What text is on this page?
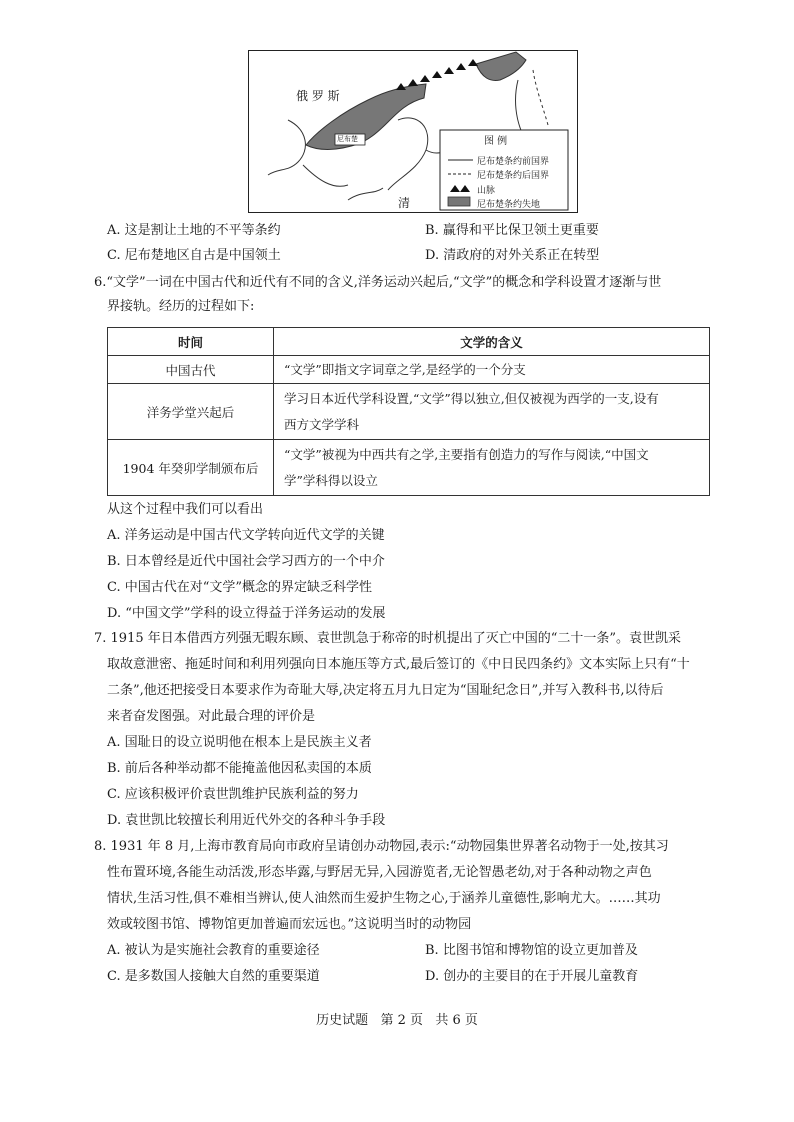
俄 罗 斯
清
尼布楚	图 例
尼布楚条约前国界
尼布楚条约后国界
山脉
尼布楚条约失地
A. 这是割让土地的不平等条约	B. 赢得和平比保卫领土更重要
C. 尼布楚地区自古是中国领土	D. 清政府的对外关系正在转型
6.“文学”一词在中国古代和近代有不同的含义,洋务运动兴起后,“文学”的概念和学科设置才逐渐与世
界接轨。经历的过程如下:
时间	文学的含义
中国古代	“文学”即指文字词章之学,是经学的一个分支

洋务学堂兴起后	学习日本近代学科设置,“文学”得以独立,但仅被视为西学的一支,设有
西方文学学科

1904 年癸卯学制颁布后	“文学”被视为中西共有之学,主要指有创造力的写作与阅读,“中国文
学”学科得以设立
从这个过程中我们可以看出
A. 洋务运动是中国古代文学转向近代文学的关键
B. 日本曾经是近代中国社会学习西方的一个中介
C. 中国古代在对“文学”概念的界定缺乏科学性
D. “中国文学”学科的设立得益于洋务运动的发展
7. 1915 年日本借西方列强无暇东顾、袁世凯急于称帝的时机提出了灭亡中国的“二十一条”。袁世凯采
取故意泄密、拖延时间和利用列强向日本施压等方式,最后签订的《中日民四条约》文本实际上只有“十
二条”,他还把接受日本要求作为奇耻大辱,决定将五月九日定为“国耻纪念日”,并写入教科书,以待后
来者奋发图强。对此最合理的评价是
A. 国耻日的设立说明他在根本上是民族主义者
B. 前后各种举动都不能掩盖他因私卖国的本质
C. 应该积极评价袁世凯维护民族利益的努力
D. 袁世凯比较擅长利用近代外交的各种斗争手段
8. 1931 年 8 月,上海市教育局向市政府呈请创办动物园,表示:“动物园集世界著名动物于一处,按其习
性布置环境,各能生动活泼,形态毕露,与野居无异,入园游览者,无论智愚老幼,对于各种动物之声色
情状,生活习性,俱不难相当辨认,使人油然而生爱护生物之心,于涵养儿童德性,影响尤大。……其功
效或较图书馆、博物馆更加普遍而宏远也。”这说明当时的动物园
A. 被认为是实施社会教育的重要途径	B. 比图书馆和博物馆的设立更加普及
C. 是多数国人接触大自然的重要渠道	D. 创办的主要目的在于开展儿童教育
历史试题   第 2 页   共 6 页
